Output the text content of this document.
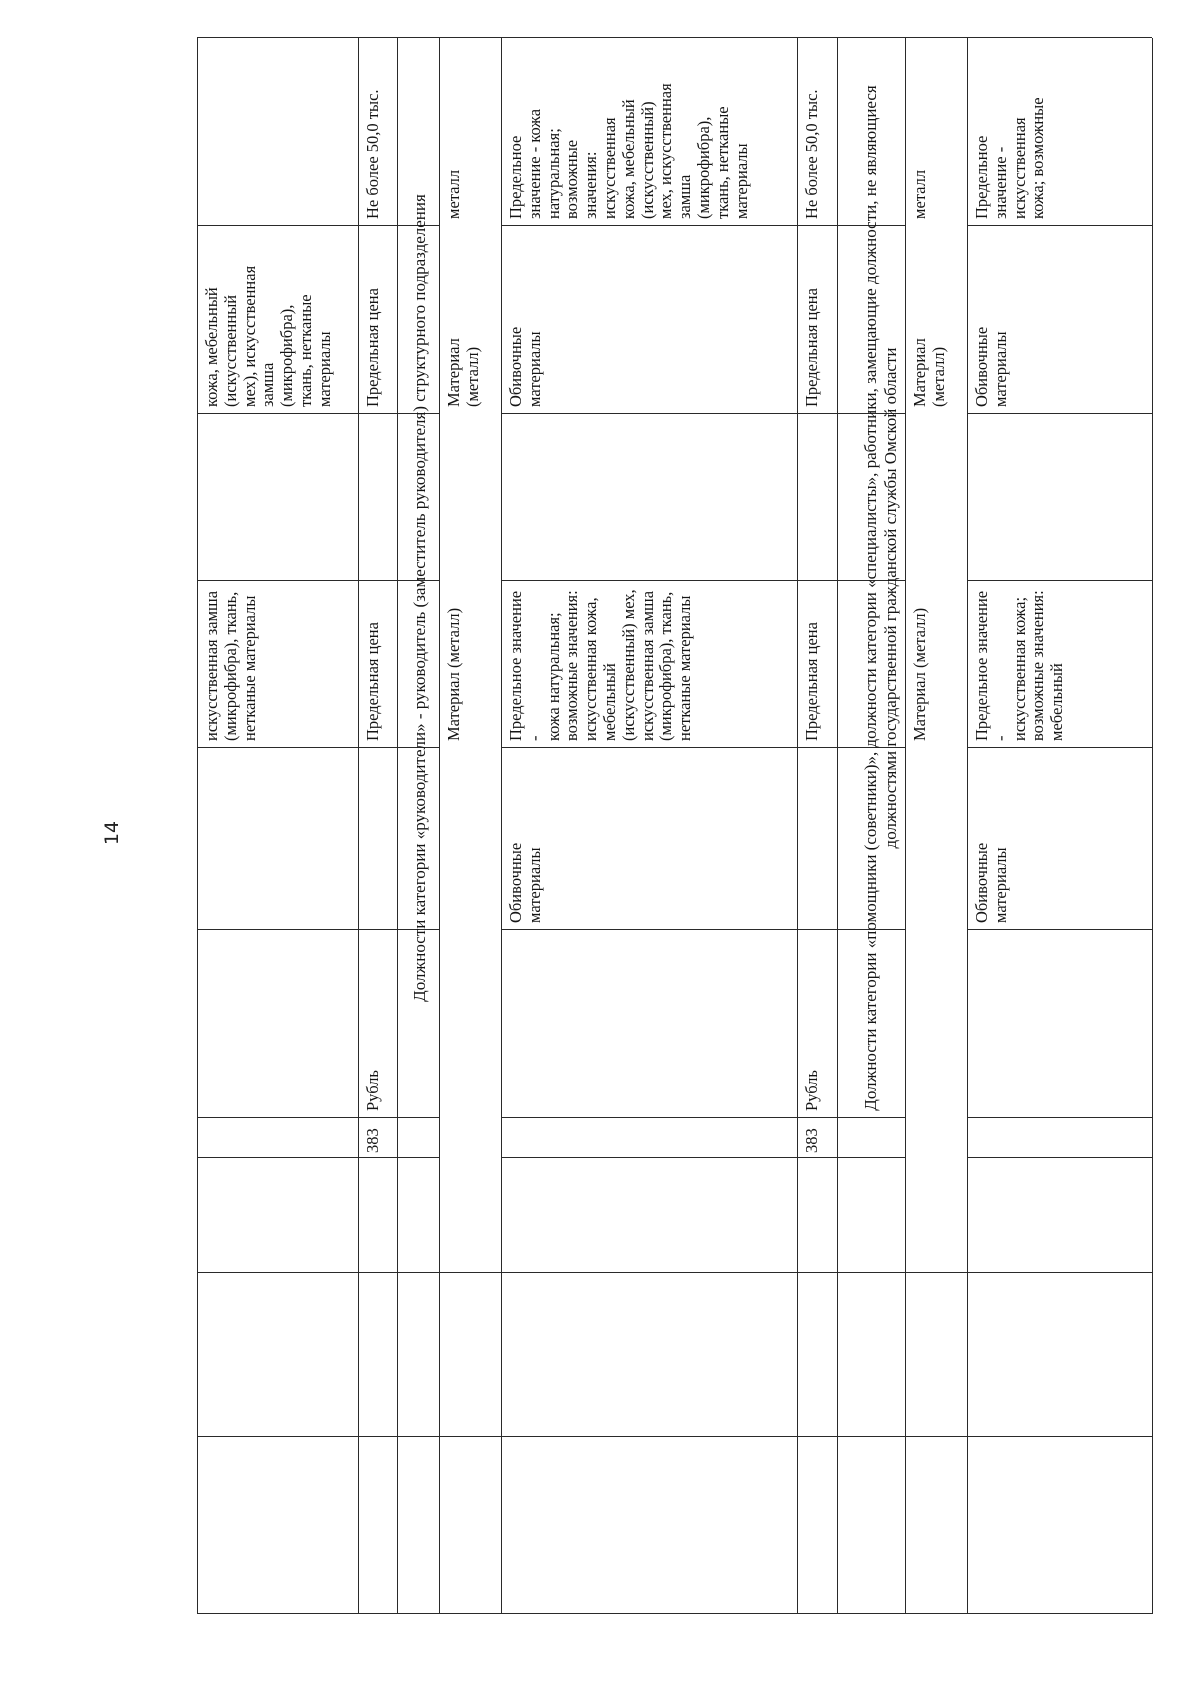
14
искусственная замша
(микрофибра), ткань,
нетканые материалы
кожа, мебельный
(искусственный
мех), искусственная
замша
(микрофибра),
ткань, нетканые
материалы
383
Рубль
Предельная цена
Предельная цена
Не более 50,0 тыс.
Должности категории «руководители» - руководитель (заместитель руководителя) структурного подразделения Материал (металл)
Материал
(металл)
металл
Обивочные
материалы
Предельное значение -
кожа натуральная;
возможные значения:
искусственная кожа,
мебельный
(искусственный) мех,
искусственная замша
(микрофибра), ткань,
нетканые материалы
Обивочные
материалы
Предельное
значение - кожа
натуральная;
возможные
значения:
искусственная
кожа, мебельный
(искусственный)
мех, искусственная
замша
(микрофибра),
ткань, нетканые
материалы
383
Рубль
Предельная цена
Предельная цена
Не более 50,0 тыс.	Должности категории «помощники (советники)», должности категории «специалисты», работники, замещающие должности, не являющиеся должностями государственной гражданской службы Омской области Материал (металл)
Материал
(металл)
металл
Обивочные
материалы
Предельное значение -
искусственная кожа;
возможные значения:
мебельный
Обивочные
материалы
Предельное
значение -
искусственная
кожа; возможные
